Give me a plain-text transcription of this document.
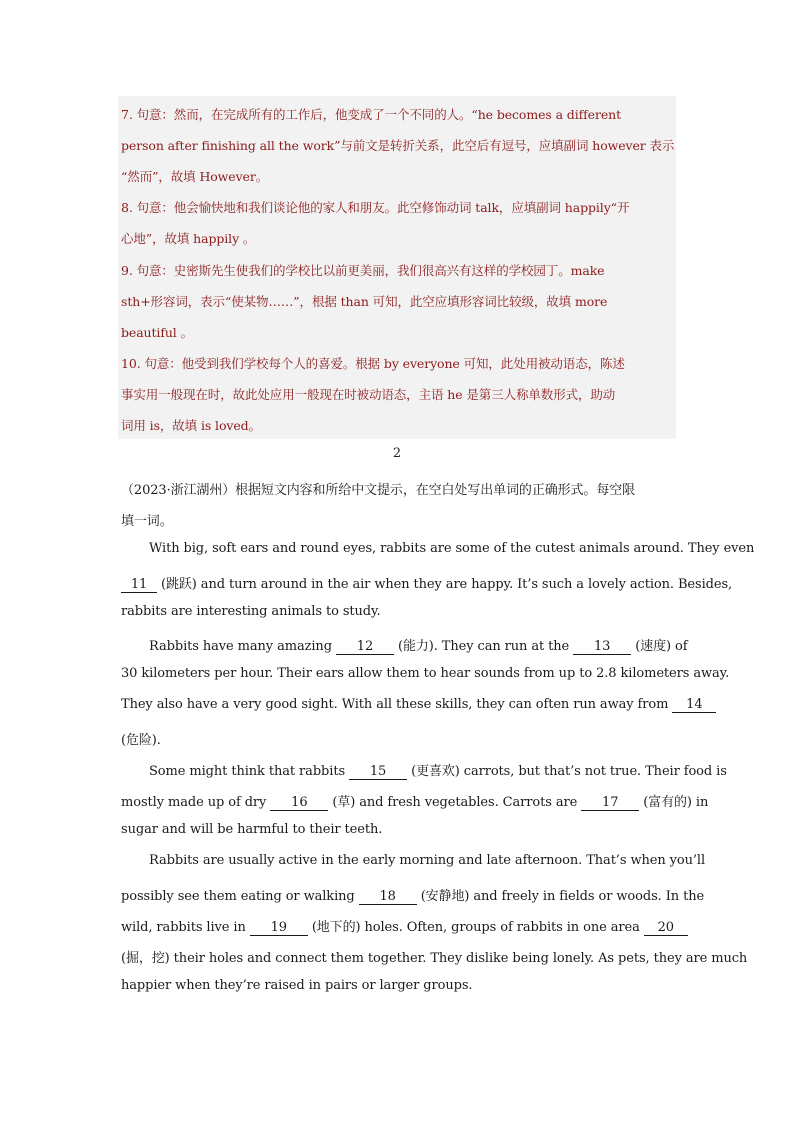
7. 句意：然而，在完成所有的工作后，他变成了一个不同的人。“he becomes a different
person after finishing all the work”与前文是转折关系，此空后有逗号，应填副词 however 表示
“然而”，故填 However。
8. 句意：他会愉快地和我们谈论他的家人和朋友。此空修饰动词 talk，应填副词 happily“开
心地”，故填 happily 。
9. 句意：史密斯先生使我们的学校比以前更美丽，我们很高兴有这样的学校园丁。make
sth+形容词，表示“使某物……”，根据 than 可知，此空应填形容词比较级，故填 more
beautiful 。
10. 句意：他受到我们学校每个人的喜爱。根据 by everyone 可知，此处用被动语态，陈述
事实用一般现在时，故此处应用一般现在时被动语态，主语 he 是第三人称单数形式，助动
词用 is，故填 is loved。
2
（2023·浙江湖州）根据短文内容和所给中文提示，在空白处写出单词的正确形式。每空限
填一词。
With big, soft ears and round eyes, rabbits are some of the cutest animals around. They even
11 (跳跃) and turn around in the air when they are happy. It’s such a lovely action. Besides,
rabbits are interesting animals to study.
Rabbits have many amazing 12 (能力). They can run at the 13 (速度) of
30 kilometers per hour. Their ears allow them to hear sounds from up to 2.8 kilometers away.
They also have a very good sight. With all these skills, they can often run away from 14
(危险).
Some might think that rabbits 15 (更喜欢) carrots, but that’s not true. Their food is
mostly made up of dry 16 (草) and fresh vegetables. Carrots are 17 (富有的) in
sugar and will be harmful to their teeth.
Rabbits are usually active in the early morning and late afternoon. That’s when you’ll
possibly see them eating or walking 18 (安静地) and freely in fields or woods. In the
wild, rabbits live in 19 (地下的) holes. Often, groups of rabbits in one area 20
(掘，挖) their holes and connect them together. They dislike being lonely. As pets, they are much
happier when they’re raised in pairs or larger groups.
